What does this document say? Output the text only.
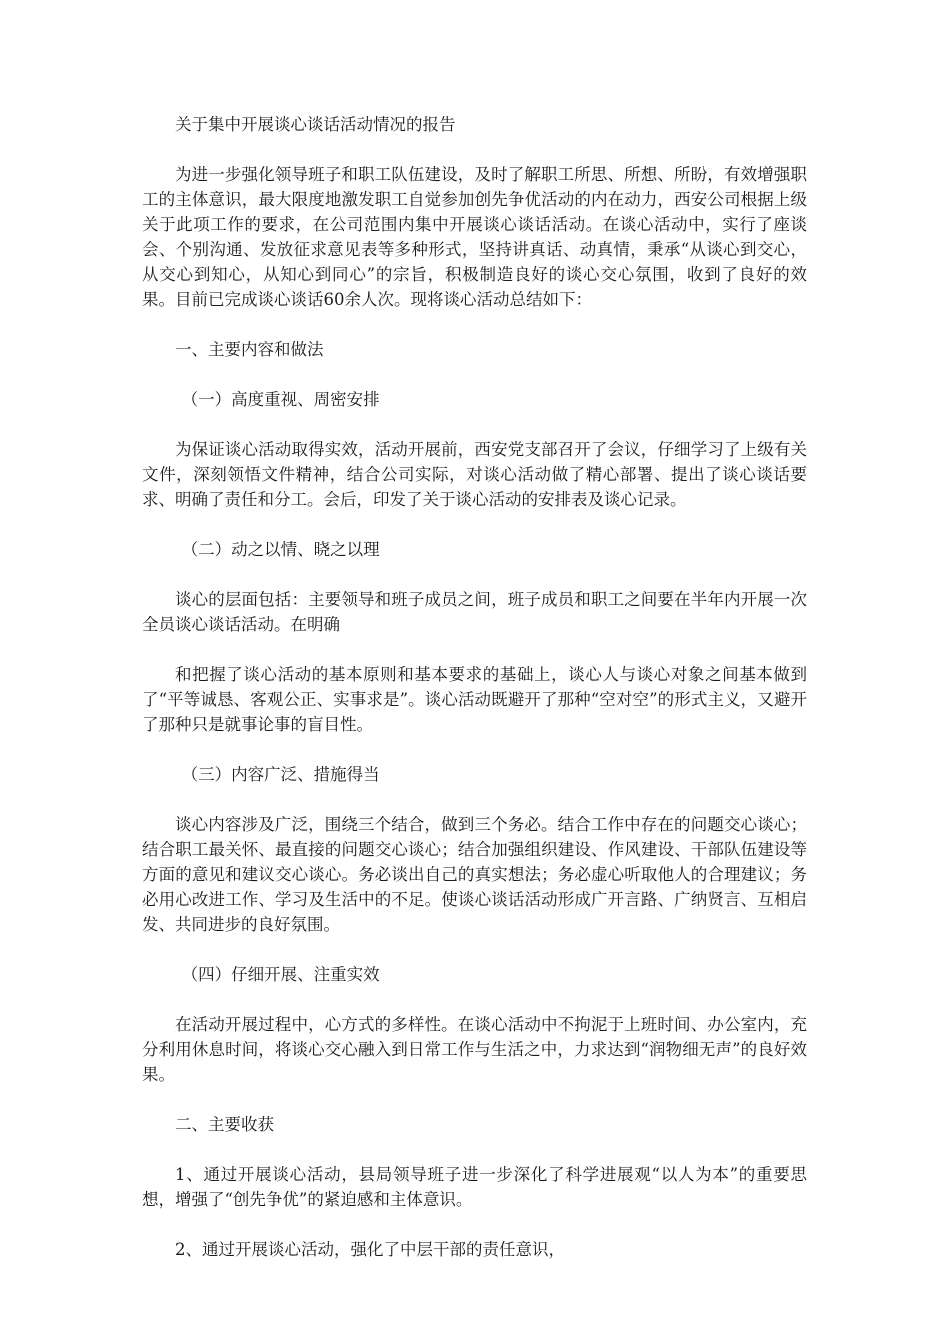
关于集中开展谈心谈话活动情况的报告

为进一步强化领导班子和职工队伍建设，及时了解职工所思、所想、所盼，有效增强职工的主体意识，最大限度地激发职工自觉参加创先争优活动的内在动力，西安公司根据上级关于此项工作的要求，在公司范围内集中开展谈心谈话活动。在谈心活动中，实行了座谈会、个别沟通、发放征求意见表等多种形式，坚持讲真话、动真情，秉承“从谈心到交心，从交心到知心，从知心到同心”的宗旨，积极制造良好的谈心交心氛围，收到了良好的效果。目前已完成谈心谈话60余人次。现将谈心活动总结如下：

一、主要内容和做法

（一）高度重视、周密安排

为保证谈心活动取得实效，活动开展前，西安党支部召开了会议，仔细学习了上级有关文件，深刻领悟文件精神，结合公司实际，对谈心活动做了精心部署、提出了谈心谈话要求、明确了责任和分工。会后，印发了关于谈心活动的安排表及谈心记录。

（二）动之以情、晓之以理

谈心的层面包括：主要领导和班子成员之间，班子成员和职工之间要在半年内开展一次全员谈心谈话活动。在明确

和把握了谈心活动的基本原则和基本要求的基础上，谈心人与谈心对象之间基本做到了“平等诚恳、客观公正、实事求是”。谈心活动既避开了那种“空对空”的形式主义，又避开了那种只是就事论事的盲目性。

（三）内容广泛、措施得当

谈心内容涉及广泛，围绕三个结合，做到三个务必。结合工作中存在的问题交心谈心；结合职工最关怀、最直接的问题交心谈心；结合加强组织建设、作风建设、干部队伍建设等方面的意见和建议交心谈心。务必谈出自己的真实想法；务必虚心听取他人的合理建议；务必用心改进工作、学习及生活中的不足。使谈心谈话活动形成广开言路、广纳贤言、互相启发、共同进步的良好氛围。

（四）仔细开展、注重实效

在活动开展过程中，心方式的多样性。在谈心活动中不拘泥于上班时间、办公室内，充分利用休息时间，将谈心交心融入到日常工作与生活之中，力求达到“润物细无声”的良好效果。

二、主要收获

1、通过开展谈心活动，县局领导班子进一步深化了科学进展观“以人为本”的重要思想，增强了“创先争优”的紧迫感和主体意识。

2、通过开展谈心活动，强化了中层干部的责任意识，
